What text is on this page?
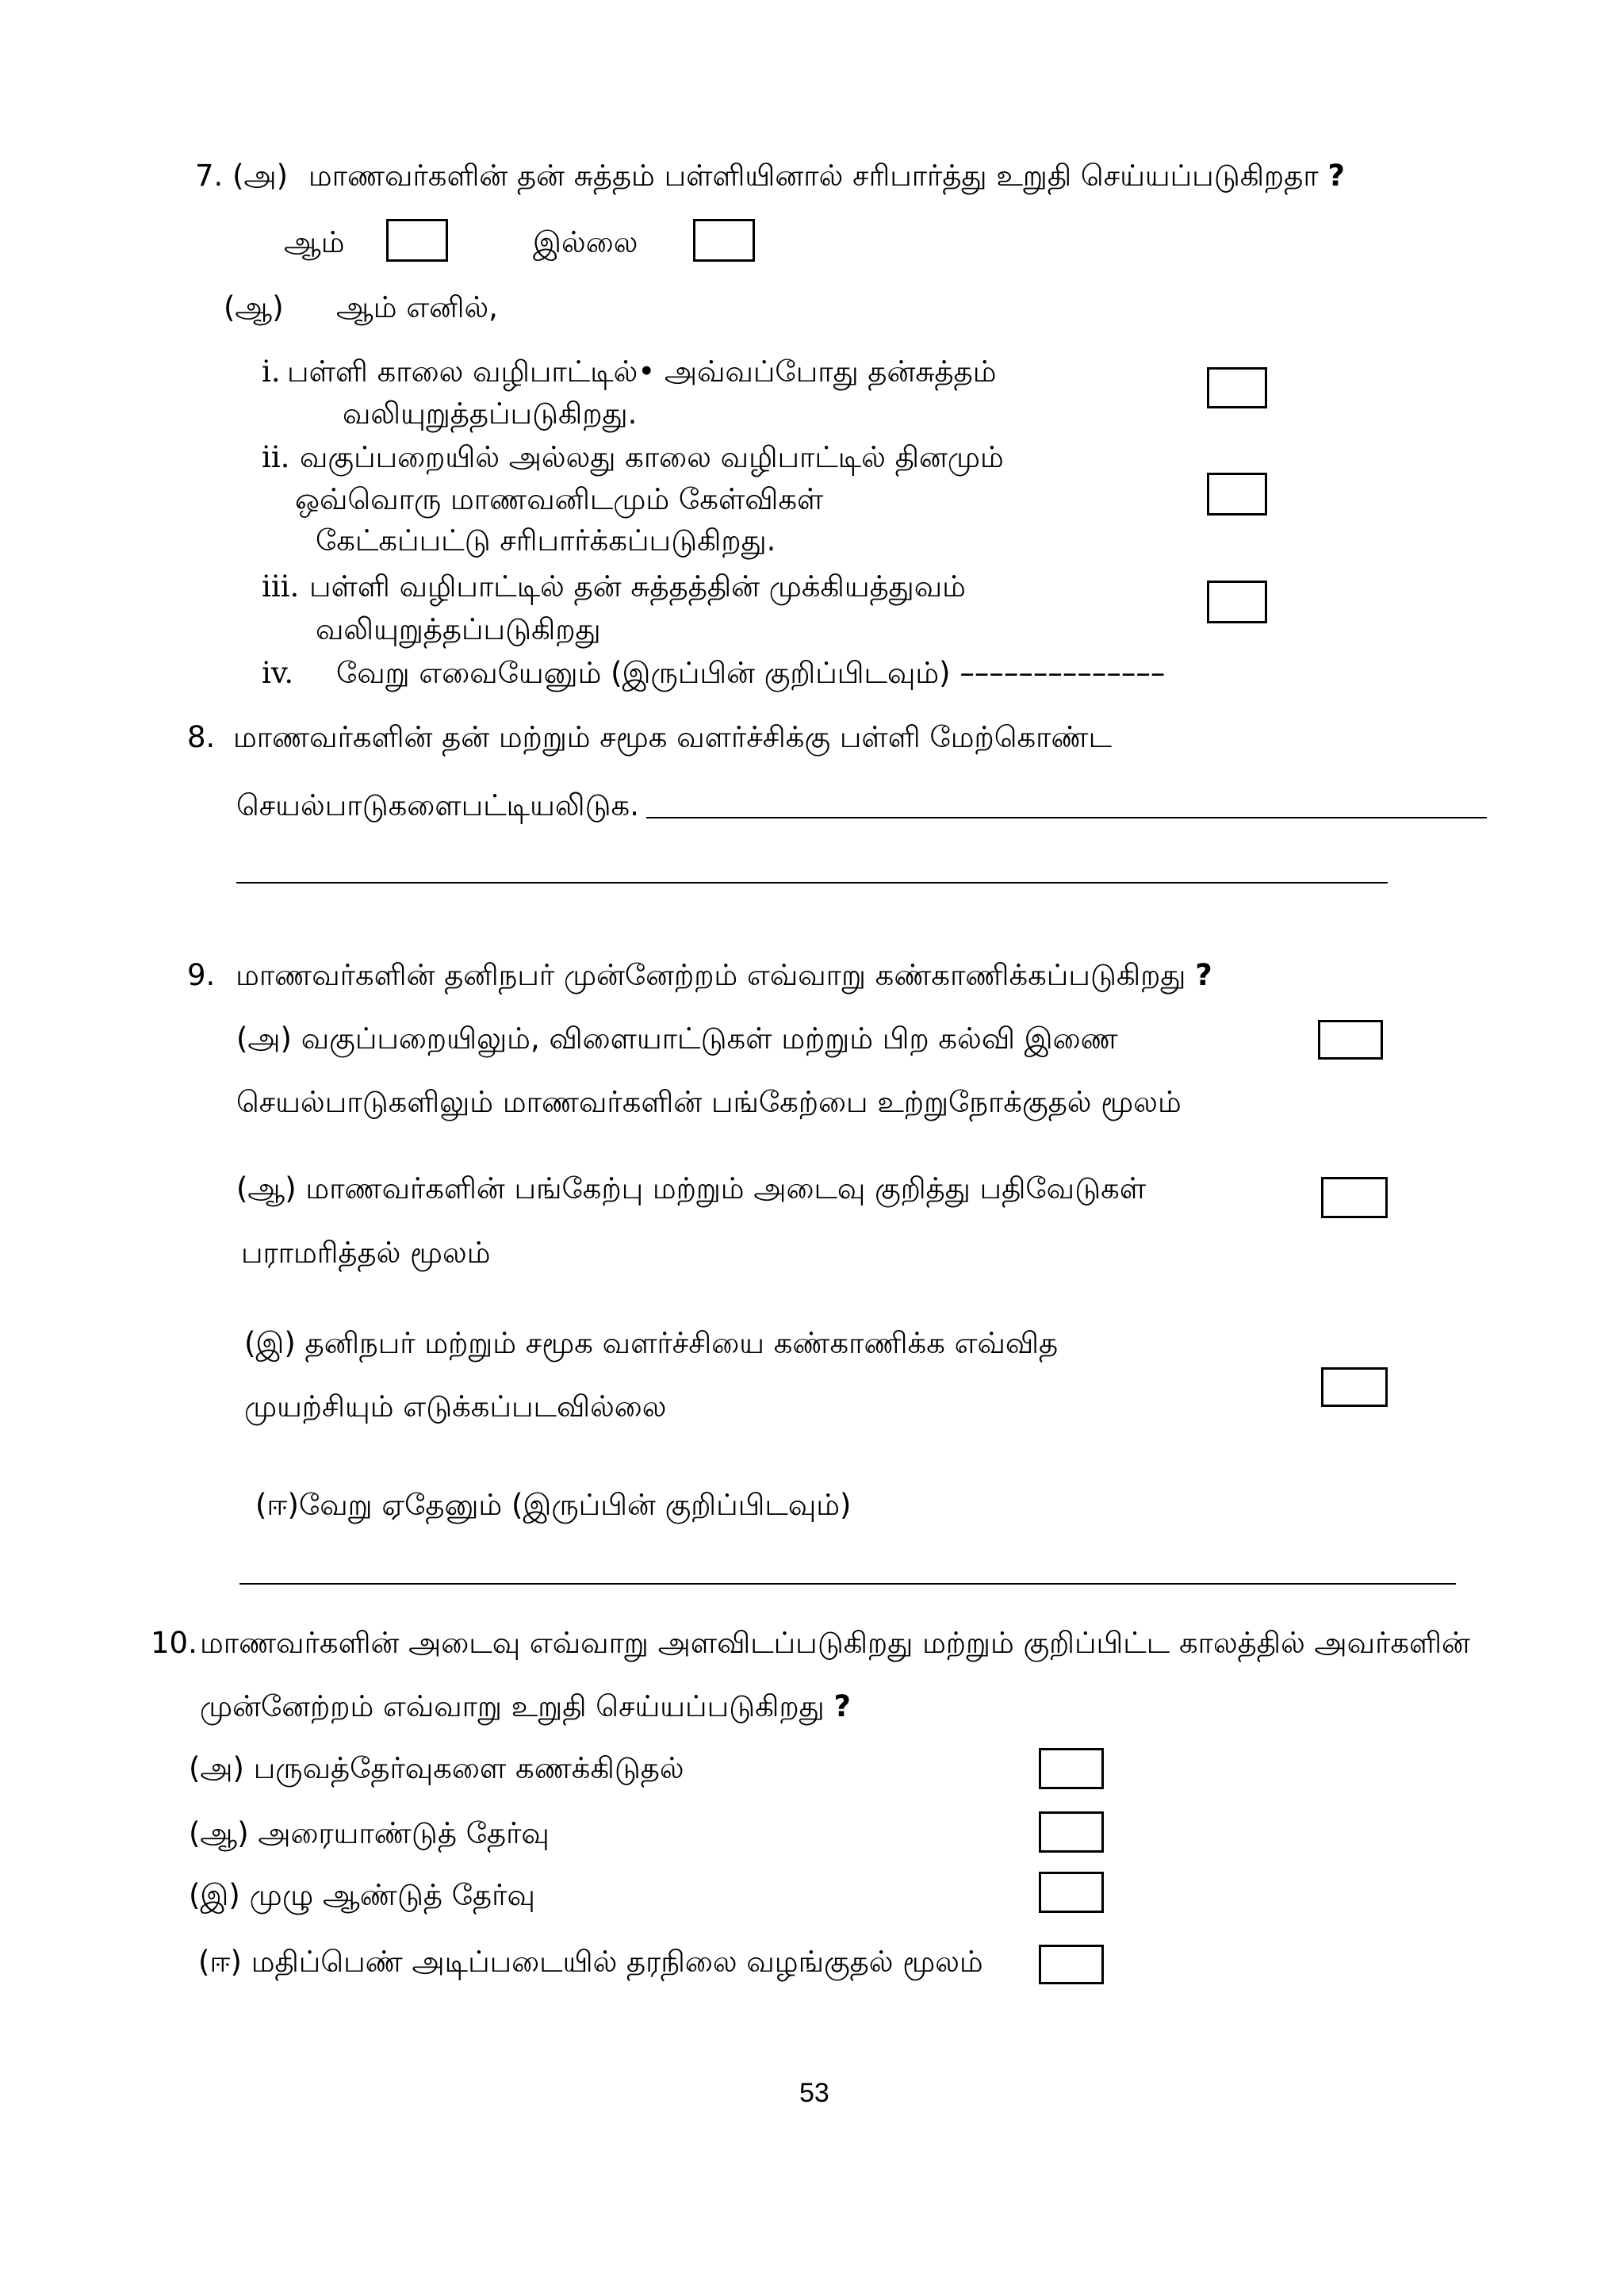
7. (அ) மாணவர்களின் தன் சுத்தம் பள்ளியினால் சரிபார்த்து உறுதி செய்யப்படுகிறதா ?
ஆம்	இல்லை
(ஆ) ஆம் எனில்,
i. பள்ளி காலை வழிபாட்டில்• அவ்வப்போது தன்சுத்தம்
வலியுறுத்தப்படுகிறது.
ii. வகுப்பறையில் அல்லது காலை வழிபாட்டில் தினமும்
ஒவ்வொரு மாணவனிடமும் கேள்விகள்
கேட்கப்பட்டு சரிபார்க்கப்படுகிறது.
iii. பள்ளி வழிபாட்டில் தன் சுத்தத்தின் முக்கியத்துவம்
வலியுறுத்தப்படுகிறது
iv. வேறு எவையேனும் (இருப்பின் குறிப்பிடவும்) ––––––––––––––
8. மாணவர்களின் தன் மற்றும் சமூக வளர்ச்சிக்கு பள்ளி மேற்கொண்ட
செயல்பாடுகளைபட்டியலிடுக.
9. மாணவர்களின் தனிநபர் முன்னேற்றம் எவ்வாறு கண்காணிக்கப்படுகிறது ?
(அ) வகுப்பறையிலும், விளையாட்டுகள் மற்றும் பிற கல்வி இணை
செயல்பாடுகளிலும் மாணவர்களின் பங்கேற்பை உற்றுநோக்குதல் மூலம்
(ஆ) மாணவர்களின் பங்கேற்பு மற்றும் அடைவு குறித்து பதிவேடுகள்
பராமரித்தல் மூலம்
(இ) தனிநபர் மற்றும் சமூக வளர்ச்சியை கண்காணிக்க எவ்வித
முயற்சியும் எடுக்கப்படவில்லை
(ஈ)வேறு ஏதேனும் (இருப்பின் குறிப்பிடவும்)
10. மாணவர்களின் அடைவு எவ்வாறு அளவிடப்படுகிறது மற்றும் குறிப்பிட்ட காலத்தில் அவர்களின்
முன்னேற்றம் எவ்வாறு உறுதி செய்யப்படுகிறது ?
(அ) பருவத்தேர்வுகளை கணக்கிடுதல்
(ஆ) அரையாண்டுத் தேர்வு
(இ) முழு ஆண்டுத் தேர்வு
(ஈ) மதிப்பெண் அடிப்படையில் தரநிலை வழங்குதல் மூலம்
53
